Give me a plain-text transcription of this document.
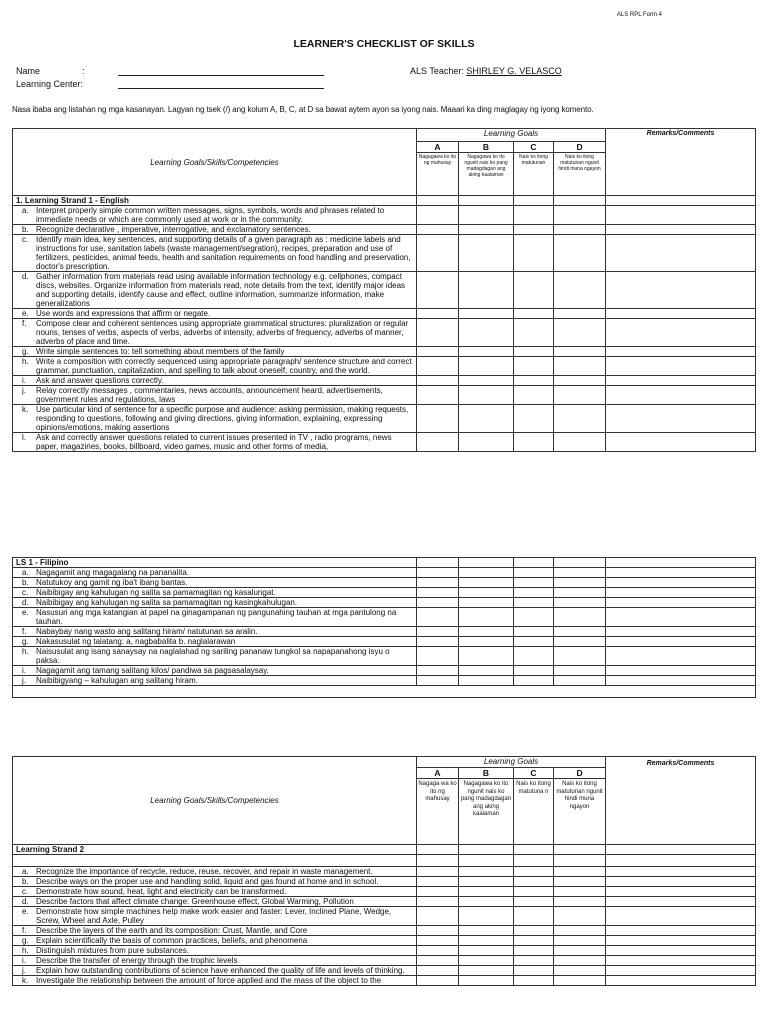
ALS RPL Form 4
LEARNER'S CHECKLIST OF SKILLS
Name	:
Learning Center:
ALS Teacher: SHIRLEY G. VELASCO
Nasa ibaba ang listahan ng mga kasanayan. Lagyan ng tsek (/) ang kolum A, B, C, at D sa bawat aytem ayon sa iyong nais. Maaari ka ding maglagay ng iyong komento.
Learning Goals/Skills/Competencies	Learning Goals				Remarks/Comments
	A	B	C	D	
	Nagagawa ko ito ng mahusay	Nagagawa ko ito ngunit nais ko pang madagdagan ang aking kaalaman	Nais ko itong matutunan	Nais ko itong matutunan ngunit hindi muna ngayon	
1. Learning Strand 1 - English					

a. Interpret properly simple common written messages, signs, symbols, words and phrases related to immediate needs or which are commonly used at work or in the community.					

b. Recognize declarative , imperative, interrogative, and exclamatory sentences.					

c. Identify main idea, key sentences, and supporting details of a given paragraph as : medicine labels and instructions for use, sanitation labels (waste management/segration), recipes, preparation and use of fertilizers, pesticides, animal feeds, health and sanitation requirements on food handling and preservation, doctor's prescription.					

d. Gather information from materials read using available information technology e.g. cellphones, compact discs, websites. Organize information from materials read, note details from the text, identify major ideas and supporting details, identify cause and effect, outline information, summarize information, make generalizations					

e. Use words and expressions that affirm or negate.					

f. Compose clear and coherent sentences using appropriate grammatical structures: pluralization or regular nouns, tenses of verbs, aspects of verbs, adverbs of intensity, adverbs of frequency, adverbs of manner, adverbs of place and time.					

g. Write simple sentences to: tell something about members of the family					

h. Write a composition with correctly sequenced using appropriate paragraph/ sentence structure and correct grammar, punctuation, capitalization, and spelling to talk about oneself, country, and the world.					

i. Ask and answer questions correctly.					

j. Relay correctly messages , commentaries, news accounts, announcement heard, advertisements, government rules and regulations, laws					

k. Use particular kind of sentence for a specific purpose and audience: asking permission, making requests, responding to questions, following and giving directions, giving information, explaining, expressing opinions/emotions, making assertions					

l. Ask and correctly answer questions related to current issues presented in TV , radio programs, news paper, magazines, books, billboard, video games, music and other forms of media,					

LS 1 - Filipino					

a. Nagagamit ang magagalang na pananalita.					

b. Natutukoy ang gamit ng iba't ibang bantas.					

c. Naibibigay ang kahulugan ng salita sa pamamagitan ng kasalungat.					

d. Naibibigay ang kahulugan ng salita sa pamamagitan ng kasingkahulugan.					

e. Nasusuri ang mga katangian at papel na ginagampanan ng pangunahing tauhan at mga pantulong na tauhan.					

f. Nabaybay nang wasto ang salitang hiram/ natutunan sa aralin.					

g. Nakasusulat ng talatang: a, nagbabalita b. naglalarawan					

h. Naisusulat ang isang sanaysay na naglalahad ng sariling pananaw tungkol sa napapanahong isyu o paksa.					

i. Nagagamit ang tamang salitang kilos/ pandiwa sa pagsasalaysay.					

j. Naibibigyang – kahulugan ang salitang hiram.					

Learning Goals/Skills/Competencies	Learning Goals				Remarks/Comments
	A	B	C	D	
	Nagaga wa ko ito ng mahusay	Nagagawa ko ito ngunit nais ko pang madagdagan ang aking kaalaman	Nais ko itong matutuna n	Nais ko itong matutunan ngunit hindi muna ngayon	
Learning Strand 2					

a. Recognize the importance of recycle, reduce, reuse, recover, and repair in waste management.					

b. Describe ways on the proper use and handling solid, liquid and gas found at home and in school.					

c. Demonstrate how sound, heat, light and electricity can be transformed.					

d. Describe factors that affect climate change: Greenhouse effect, Global Warming, Pollution					

e. Demonstrate how simple machines help make work easier and faster: Lever, Inclined Plane, Wedge, Screw, Wheel and Axle, Pulley					

f. Describe the layers of the earth and its composition: Crust, Mantle, and Core					

g. Explain scientifically the basis of common practices, beliefs, and phenomena					

h. Distinguish mixtures from pure substances.					

i. Describe the transfer of energy through the trophic levels					

j. Explain how outstanding contributions of science have enhanced the quality of life and levels of thinking.					

k. Investigate the relationship between the amount of force applied and the mass of the object to the					
